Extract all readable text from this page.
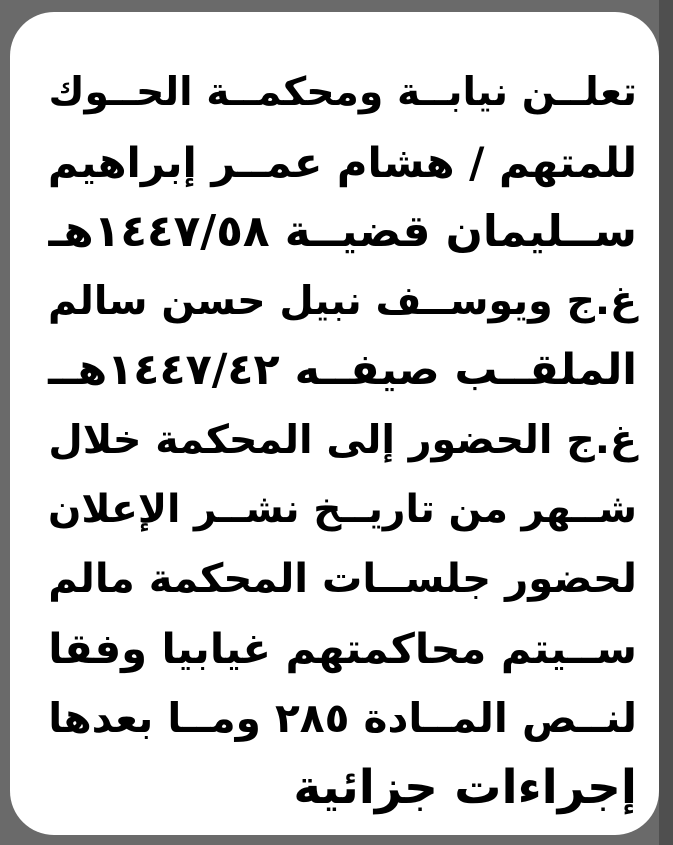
تعلــن نيابــة ومحكمــة الحــوك
للمتهم / هشام عمــر إبراهيم
ســليمان قضيــة ١٤٤٧/٥٨هـ
غ.ج ويوســف نبيل حسن سالم
الملقــب صيفــه ١٤٤٧/٤٢هــ
غ.ج الحضور إلى المحكمة خلال
شــهر من تاريــخ نشــر الإعلان
لحضور جلســات المحكمة مالم
ســيتم محاكمتهم غيابيا وفقا
لنــص المــادة ٢٨٥ ومــا بعدها
إجراءات جزائية
